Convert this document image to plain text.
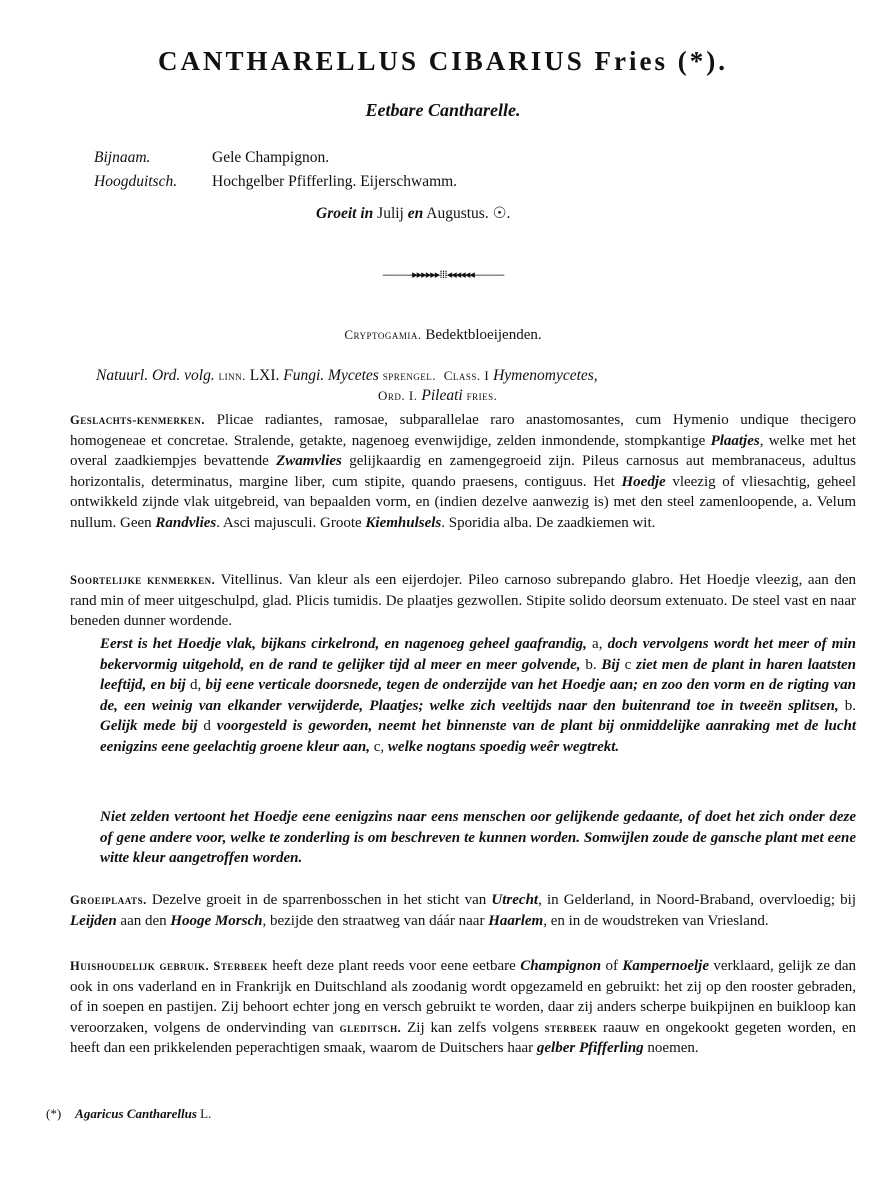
CANTHARELLUS CIBARIUS Fries (*).
Eetbare Cantharelle.
Bijnaam.	Gele Champignon.
Hoogduitsch. Hochgelber Pfifferling. Eijerschwamm.
Groeit in Julij en Augustus. ☉.
———▸▸▸▸▸▸⁞⁞⁞◂◂◂◂◂◂———
Cryptogamia. Bedektbloeijenden.
Natuurl. Ord. volg. linn. LXI. Fungi. Mycetes sprengel. Class. I Hymenomycetes,
Ord. I. Pileati fries.
Geslachts-kenmerken. Plicae radiantes, ramosae, subparallelae raro anastomosantes, cum Hymenio undique thecigero homogeneae et concretae. Stralende, getakte, nagenoeg evenwijdige, zelden inmondende, stompkantige Plaatjes, welke met het overal zaadkiempjes bevattende Zwamvlies gelijkaardig en zamengegroeid zijn. Pileus carnosus aut membranaceus, adultus horizontalis, determinatus, margine liber, cum stipite, quando praesens, contiguus. Het Hoedje vleezig of vliesachtig, geheel ontwikkeld zijnde vlak uitgebreid, van bepaalden vorm, en (indien dezelve aanwezig is) met den steel zamenloopende, a. Velum nullum. Geen Randvlies. Asci majusculi. Groote Kiemhulsels. Sporidia alba. De zaadkiemen wit.
Soortelijke kenmerken. Vitellinus. Van kleur als een eijerdojer. Pileo carnoso subrepando glabro. Het Hoedje vleezig, aan den rand min of meer uitgeschulpd, glad. Plicis tumidis. De plaatjes gezwollen. Stipite solido deorsum extenuato. De steel vast en naar beneden dunner wordende.
Eerst is het Hoedje vlak, bijkans cirkelrond, en nagenoeg geheel gaafrandig, a, doch vervolgens wordt het meer of min bekervormig uitgehold, en de rand te gelijker tijd al meer en meer golvende, b. Bij c ziet men de plant in haren laatsten leeftijd, en bij d, bij eene verticale doorsnede, tegen de onderzijde van het Hoedje aan; en zoo den vorm en de rigting van de, een weinig van elkander verwijderde, Plaatjes; welke zich veeltijds naar den buitenrand toe in tweeën splitsen, b. Gelijk mede bij d voorgesteld is geworden, neemt het binnenste van de plant bij onmiddelijke aanraking met de lucht eenigzins eene geelachtig groene kleur aan, c, welke nogtans spoedig weêr wegtrekt.
Niet zelden vertoont het Hoedje eene eenigzins naar eens menschen oor gelijkende gedaante, of doet het zich onder deze of gene andere voor, welke te zonderling is om beschreven te kunnen worden. Somwijlen zoude de gansche plant met eene witte kleur aangetroffen worden.
Groeiplaats. Dezelve groeit in de sparrenbosschen in het sticht van Utrecht, in Gelderland, in Noord-Braband, overvloedig; bij Leijden aan den Hooge Morsch, bezijde den straatweg van dáár naar Haarlem, en in de woudstreken van Vriesland.
Huishoudelijk gebruik. Sterbeek heeft deze plant reeds voor eene eetbare Champignon of Kampernoelje verklaard, gelijk ze dan ook in ons vaderland en in Frankrijk en Duitschland als zoodanig wordt opgezameld en gebruikt: het zij op den rooster gebraden, of in soepen en pastijen. Zij behoort echter jong en versch gebruikt te worden, daar zij anders scherpe buikpijnen en buikloop kan veroorzaken, volgens de ondervinding van gleditsch. Zij kan zelfs volgens sterbeek raauw en ongekookt gegeten worden, en heeft dan een prikkelenden peperachtigen smaak, waarom de Duitschers haar gelber Pfifferling noemen.
(*) Agaricus Cantharellus L.
